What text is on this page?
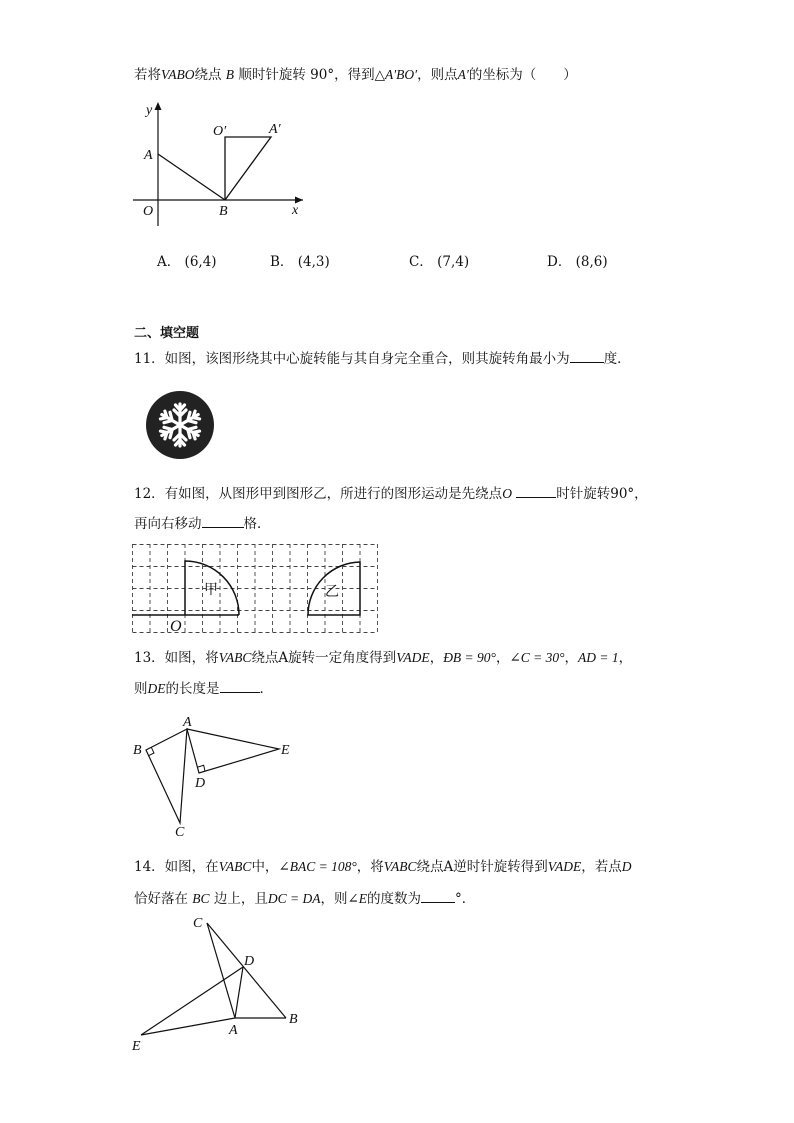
若将VABO绕点 B 顺时针旋转 90°，得到△A′BO′，则点A′的坐标为（　　）
y
x
O
A
B
O′	A′
A． (6,4)	B． (4,3)	C． (7,4)	D． (8,6)
二、填空题
11．如图，该图形绕其中心旋转能与其自身完全重合，则其旋转角最小为	度．
12．有如图，从图形甲到图形乙，所进行的图形运动是先绕点O	时针旋转90°，
再向右移动	格．
甲	乙
O
13．如图，将VABC绕点A旋转一定角度得到VADE，ÐB = 90°，∠C = 30°，AD = 1，
则DE的长度是	．
A
B
C
D
E
14．如图，在VABC中，∠BAC = 108°，将VABC绕点A逆时针旋转得到VADE，若点D
恰好落在 BC 边上，且DC = DA，则∠E的度数为	°．
C
D
A
B
E
